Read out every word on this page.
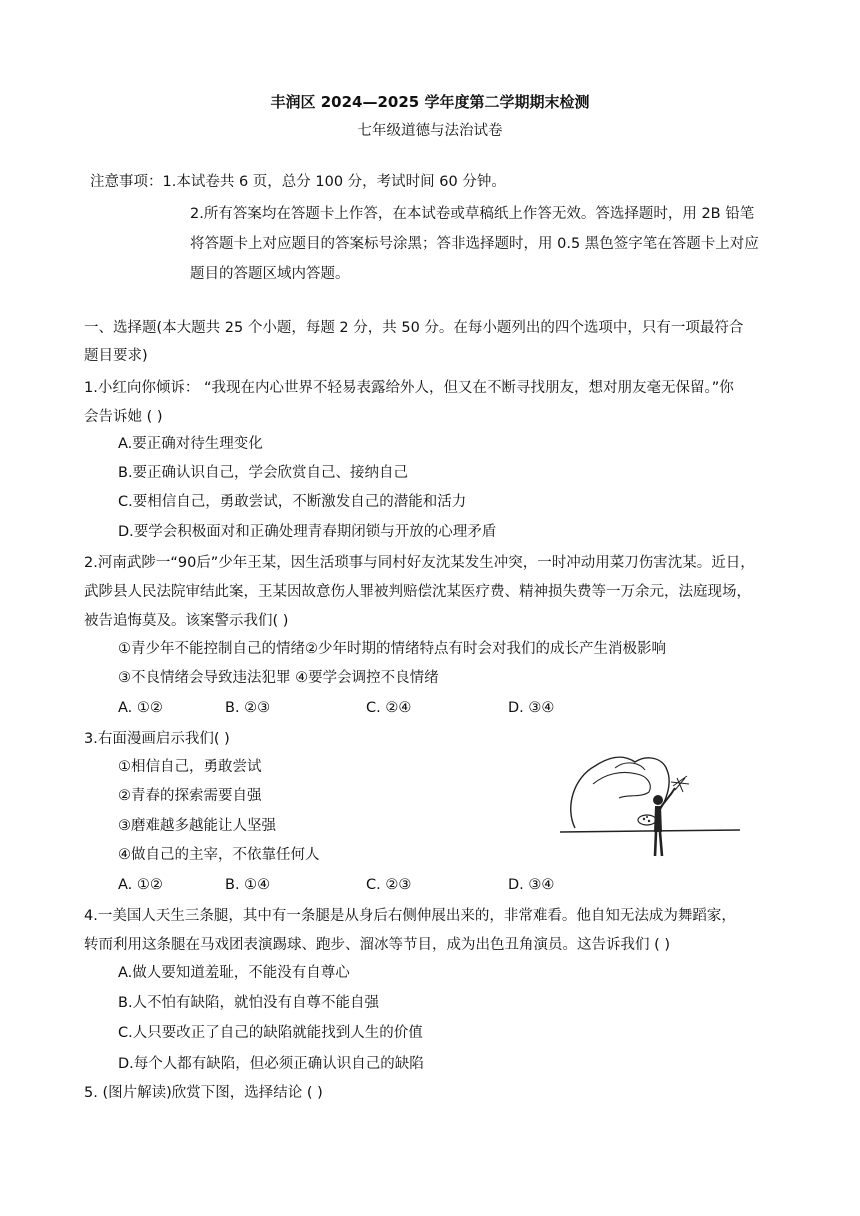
丰润区 2024—2025 学年度第二学期期末检测
七年级道德与法治试卷
注意事项：1.本试卷共 6 页，总分 100 分，考试时间 60 分钟。
2.所有答案均在答题卡上作答，在本试卷或草稿纸上作答无效。答选择题时，用 2B 铅笔
将答题卡上对应题目的答案标号涂黑；答非选择题时，用 0.5 黑色签字笔在答题卡上对应
题目的答题区域内答题。
一、选择题(本大题共 25 个小题，每题 2 分，共 50 分。在每小题列出的四个选项中，只有一项最符合
题目要求)
1.小红向你倾诉： “我现在内心世界不轻易表露给外人，但又在不断寻找朋友，想对朋友毫无保留。”你
会告诉她 ( )
A.要正确对待生理变化
B.要正确认识自己，学会欣赏自己、接纳自己
C.要相信自己，勇敢尝试，不断激发自己的潜能和活力
D.要学会积极面对和正确处理青春期闭锁与开放的心理矛盾
2.河南武陟一“90后”少年王某，因生活琐事与同村好友沈某发生冲突，一时冲动用菜刀伤害沈某。近日，
武陟县人民法院审结此案，王某因故意伤人罪被判赔偿沈某医疗费、精神损失费等一万余元，法庭现场，
被告追悔莫及。该案警示我们( )
①青少年不能控制自己的情绪②少年时期的情绪特点有时会对我们的成长产生消极影响
③不良情绪会导致违法犯罪 ④要学会调控不良情绪
A. ①②	B. ②③	C. ②④	D. ③④
3.右面漫画启示我们( )
①相信自己，勇敢尝试
②青春的探索需要自强
③磨难越多越能让人坚强
④做自己的主宰，不依靠任何人
A. ①②	B. ①④	C. ②③	D. ③④
4.一美国人天生三条腿，其中有一条腿是从身后右侧伸展出来的，非常难看。他自知无法成为舞蹈家，
转而利用这条腿在马戏团表演踢球、跑步、溜冰等节目，成为出色丑角演员。这告诉我们 ( )
A.做人要知道羞耻，不能没有自尊心
B.人不怕有缺陷，就怕没有自尊不能自强
C.人只要改正了自己的缺陷就能找到人生的价值
D.每个人都有缺陷，但必须正确认识自己的缺陷
5. (图片解读)欣赏下图，选择结论 ( )
